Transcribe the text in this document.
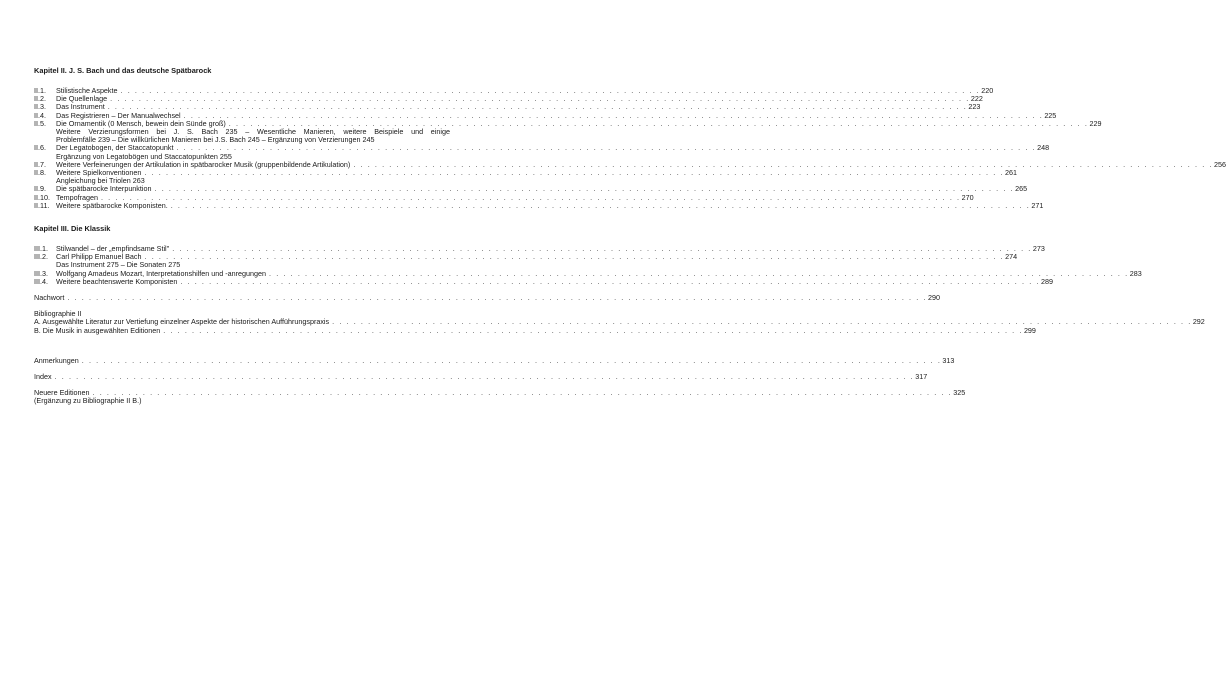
Kapitel II. J. S. Bach und das deutsche Spätbarock
II.1.	Stilistische Aspekte . . . . . . . . . . . . . . . . . . . . . . . . . . . . . . . . . . . . . . . . . . . . . . . . . . . . . . . . . . . . . . . . . . . . . . . . . . . . . . . . . . . . . . . . . . . . . . . . . . . . . . . . . . . . . . . . . . . . . . . . 220
II.2.	Die Quellenlage . . . . . . . . . . . . . . . . . . . . . . . . . . . . . . . . . . . . . . . . . . . . . . . . . . . . . . . . . . . . . . . . . . . . . . . . . . . . . . . . . . . . . . . . . . . . . . . . . . . . . . . . . . . . . . . . . . . . . . . . 222
II.3.	Das Instrument . . . . . . . . . . . . . . . . . . . . . . . . . . . . . . . . . . . . . . . . . . . . . . . . . . . . . . . . . . . . . . . . . . . . . . . . . . . . . . . . . . . . . . . . . . . . . . . . . . . . . . . . . . . . . . . . . . . . . . . . 223
II.4.	Das Registrieren – Der Manualwechsel . . . . . . . . . . . . . . . . . . . . . . . . . . . . . . . . . . . . . . . . . . . . . . . . . . . . . . . . . . . . . . . . . . . . . . . . . . . . . . . . . . . . . . . . . . . . . . . . . . . . . . . . . . . . . . . . . . . . . . . . 225
II.5.	Die Ornamentik (0 Mensch, bewein dein Sünde groß) . . . . . . . . . . . . . . . . . . . . . . . . . . . . . . . . . . . . . . . . . . . . . . . . . . . . . . . . . . . . . . . . . . . . . . . . . . . . . . . . . . . . . . . . . . . . . . . . . . . . . . . . . . . . . . . . . . . . . . . . 229
Weitere Verzierungsformen bei J. S. Bach 235 – Wesentliche Manieren, weitere Beispiele und einige
Problemfälle 239 – Die willkürlichen Manieren bei J.S. Bach 245 – Ergänzung von Verzierungen 245
II.6.	Der Legatobogen, der Staccatopunkt . . . . . . . . . . . . . . . . . . . . . . . . . . . . . . . . . . . . . . . . . . . . . . . . . . . . . . . . . . . . . . . . . . . . . . . . . . . . . . . . . . . . . . . . . . . . . . . . . . . . . . . . . . . . . . . . . . . . . . . . 248
Ergänzung von Legatobögen und Staccatopunkten 255
II.7.	Weitere Verfeinerungen der Artikulation in spätbarocker Musik (gruppenbildende Artikulation) . . . . . . . . . . . . . . . . . . . . . . . . . . . . . . . . . . . . . . . . . . . . . . . . . . . . . . . . . . . . . . . . . . . . . . . . . . . . . . . . . . . . . . . . . . . . . . . . . . . . . . . . . . . . . . . . . . . . . . . . 256
II.8.	Weitere Spielkonventionen . . . . . . . . . . . . . . . . . . . . . . . . . . . . . . . . . . . . . . . . . . . . . . . . . . . . . . . . . . . . . . . . . . . . . . . . . . . . . . . . . . . . . . . . . . . . . . . . . . . . . . . . . . . . . . . . . . . . . . . . 261
Angleichung bei Triolen 263
II.9.	Die spätbarocke Interpunktion . . . . . . . . . . . . . . . . . . . . . . . . . . . . . . . . . . . . . . . . . . . . . . . . . . . . . . . . . . . . . . . . . . . . . . . . . . . . . . . . . . . . . . . . . . . . . . . . . . . . . . . . . . . . . . . . . . . . . . . . 265
II.10. Tempofragen . . . . . . . . . . . . . . . . . . . . . . . . . . . . . . . . . . . . . . . . . . . . . . . . . . . . . . . . . . . . . . . . . . . . . . . . . . . . . . . . . . . . . . . . . . . . . . . . . . . . . . . . . . . . . . . . . . . . . . . . 270
II.11. Weitere spätbarocke Komponisten. . . . . . . . . . . . . . . . . . . . . . . . . . . . . . . . . . . . . . . . . . . . . . . . . . . . . . . . . . . . . . . . . . . . . . . . . . . . . . . . . . . . . . . . . . . . . . . . . . . . . . . . . . . . . . . . . . . . . . . . . 271
Kapitel III. Die Klassik
III.1.	Stilwandel – der „empfindsame Stil" . . . . . . . . . . . . . . . . . . . . . . . . . . . . . . . . . . . . . . . . . . . . . . . . . . . . . . . . . . . . . . . . . . . . . . . . . . . . . . . . . . . . . . . . . . . . . . . . . . . . . . . . . . . . . . . . . . . . . . . . 273
III.2.	Carl Philipp Emanuel Bach . . . . . . . . . . . . . . . . . . . . . . . . . . . . . . . . . . . . . . . . . . . . . . . . . . . . . . . . . . . . . . . . . . . . . . . . . . . . . . . . . . . . . . . . . . . . . . . . . . . . . . . . . . . . . . . . . . . . . . . . 274
Das Instrument 275 – Die Sonaten 275
III.3.	Wolfgang Amadeus Mozart, Interpretationshilfen und -anregungen . . . . . . . . . . . . . . . . . . . . . . . . . . . . . . . . . . . . . . . . . . . . . . . . . . . . . . . . . . . . . . . . . . . . . . . . . . . . . . . . . . . . . . . . . . . . . . . . . . . . . . . . . . . . . . . . . . . . . . . . 283
III.4.	Weitere beachtenswerte Komponisten . . . . . . . . . . . . . . . . . . . . . . . . . . . . . . . . . . . . . . . . . . . . . . . . . . . . . . . . . . . . . . . . . . . . . . . . . . . . . . . . . . . . . . . . . . . . . . . . . . . . . . . . . . . . . . . . . . . . . . . . 289
Nachwort . . . . . . . . . . . . . . . . . . . . . . . . . . . . . . . . . . . . . . . . . . . . . . . . . . . . . . . . . . . . . . . . . . . . . . . . . . . . . . . . . . . . . . . . . . . . . . . . . . . . . . . . . . . . . . . . . . . . . . . . 290
Bibliographie II
A. Ausgewählte Literatur zur Vertiefung einzelner Aspekte der historischen Aufführungspraxis . . . . . . . . . . . . . . . . . . . . . . . . . . . . . . . . . . . . . . . . . . . . . . . . . . . . . . . . . . . . . . . . . . . . . . . . . . . . . . . . . . . . . . . . . . . . . . . . . . . . . . . . . . . . . . . . . . . . . . . . 292
B. Die Musik in ausgewählten Editionen . . . . . . . . . . . . . . . . . . . . . . . . . . . . . . . . . . . . . . . . . . . . . . . . . . . . . . . . . . . . . . . . . . . . . . . . . . . . . . . . . . . . . . . . . . . . . . . . . . . . . . . . . . . . . . . . . . . . . . . . 299
Anmerkungen . . . . . . . . . . . . . . . . . . . . . . . . . . . . . . . . . . . . . . . . . . . . . . . . . . . . . . . . . . . . . . . . . . . . . . . . . . . . . . . . . . . . . . . . . . . . . . . . . . . . . . . . . . . . . . . . . . . . . . . . 313
Index . . . . . . . . . . . . . . . . . . . . . . . . . . . . . . . . . . . . . . . . . . . . . . . . . . . . . . . . . . . . . . . . . . . . . . . . . . . . . . . . . . . . . . . . . . . . . . . . . . . . . . . . . . . . . . . . . . . . . . . . 317
Neuere Editionen . . . . . . . . . . . . . . . . . . . . . . . . . . . . . . . . . . . . . . . . . . . . . . . . . . . . . . . . . . . . . . . . . . . . . . . . . . . . . . . . . . . . . . . . . . . . . . . . . . . . . . . . . . . . . . . . . . . . . . . . 325
(Ergänzung zu Bibliographie II B.)
